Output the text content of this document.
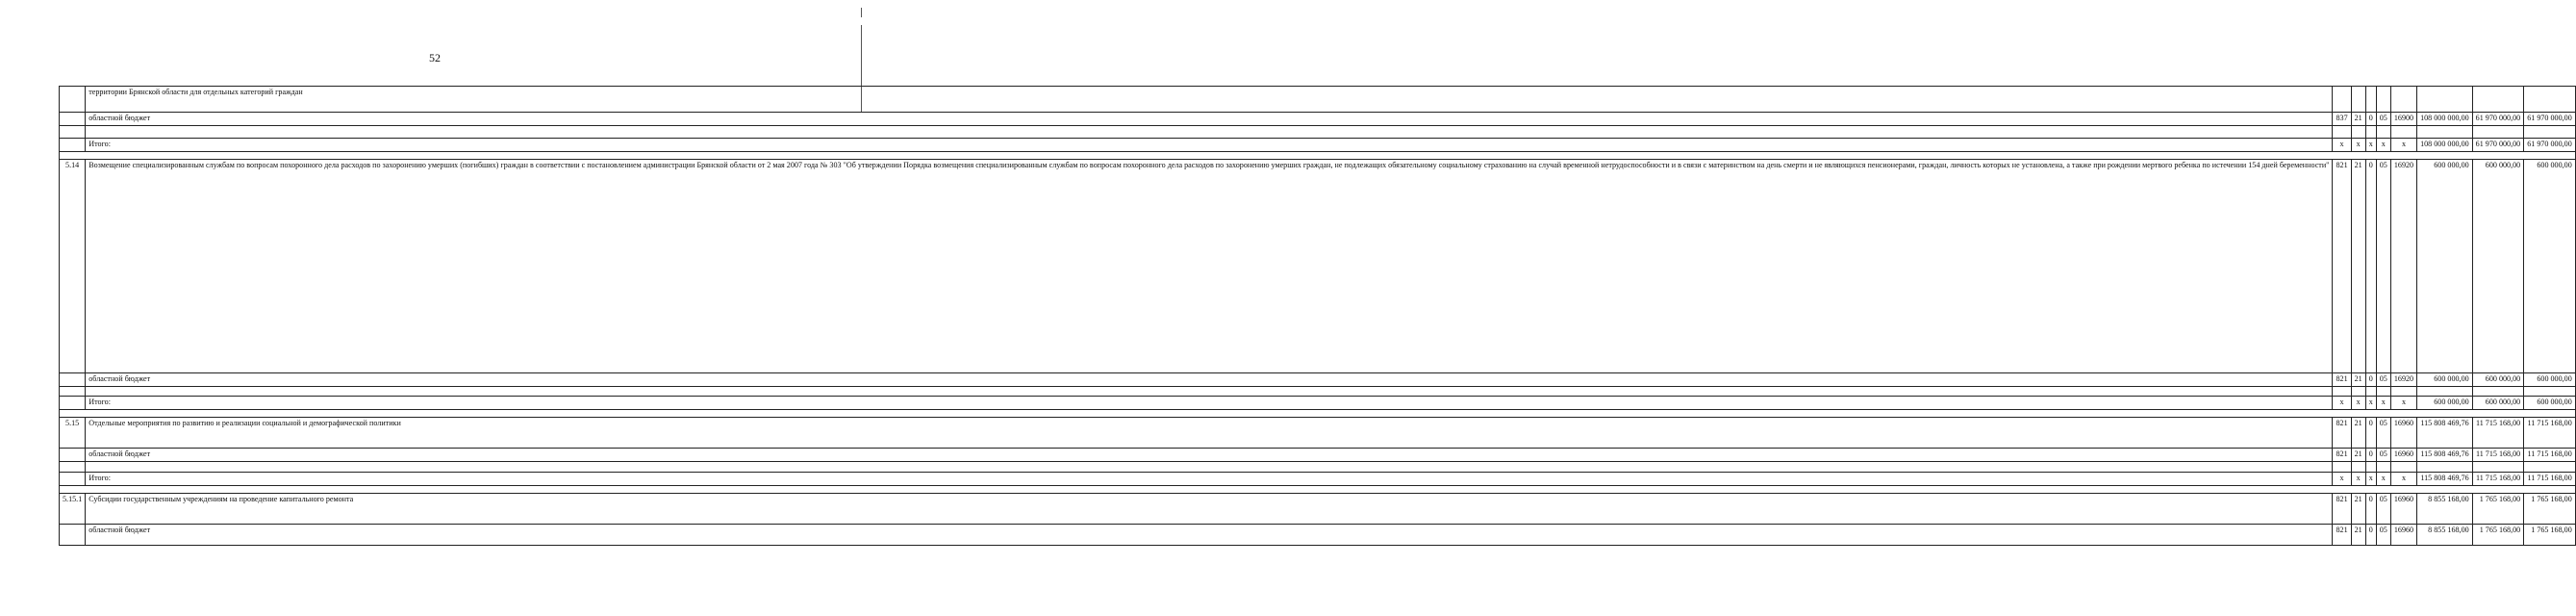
52
	территории Брянской области для отдельных категорий граждан								
	областной бюджет	837	21	0	05	16900	108 000 000,00	61 970 000,00	61 970 000,00

	Итого:	x	x	x	x	x	108 000 000,00	61 970 000,00	61 970 000,00

5.14	Возмещение специализированным службам по вопросам похоронного дела расходов по захоронению умерших (погибших) граждан в соответствии с постановлением администрации Брянской области от 2 мая 2007 года № 303 "Об утверждении Порядка возмещения специализированным службам по вопросам похоронного дела расходов по захоронению умерших граждан, не подлежащих обязательному социальному страхованию на случай временной нетрудоспособности и в связи с материнством на день смерти и не являющихся пенсионерами, граждан, личность которых не установлена, а также при рождении мертвого ребенка по истечении 154 дней беременности"	821	21	0	05	16920	600 000,00	600 000,00	600 000,00
	областной бюджет	821	21	0	05	16920	600 000,00	600 000,00	600 000,00

	Итого:	x	x	x	x	x	600 000,00	600 000,00	600 000,00

5.15	Отдельные мероприятия по развитию и реализации социальной и демографической политики	821	21	0	05	16960	115 808 469,76	11 715 168,00	11 715 168,00
	областной бюджет	821	21	0	05	16960	115 808 469,76	11 715 168,00	11 715 168,00

	Итого:	x	x	x	x	x	115 808 469,76	11 715 168,00	11 715 168,00

5.15.1	Субсидии государственным учреждениям на проведение капитального ремонта	821	21	0	05	16960	8 855 168,00	1 765 168,00	1 765 168,00
	областной бюджет	821	21	0	05	16960	8 855 168,00	1 765 168,00	1 765 168,00
